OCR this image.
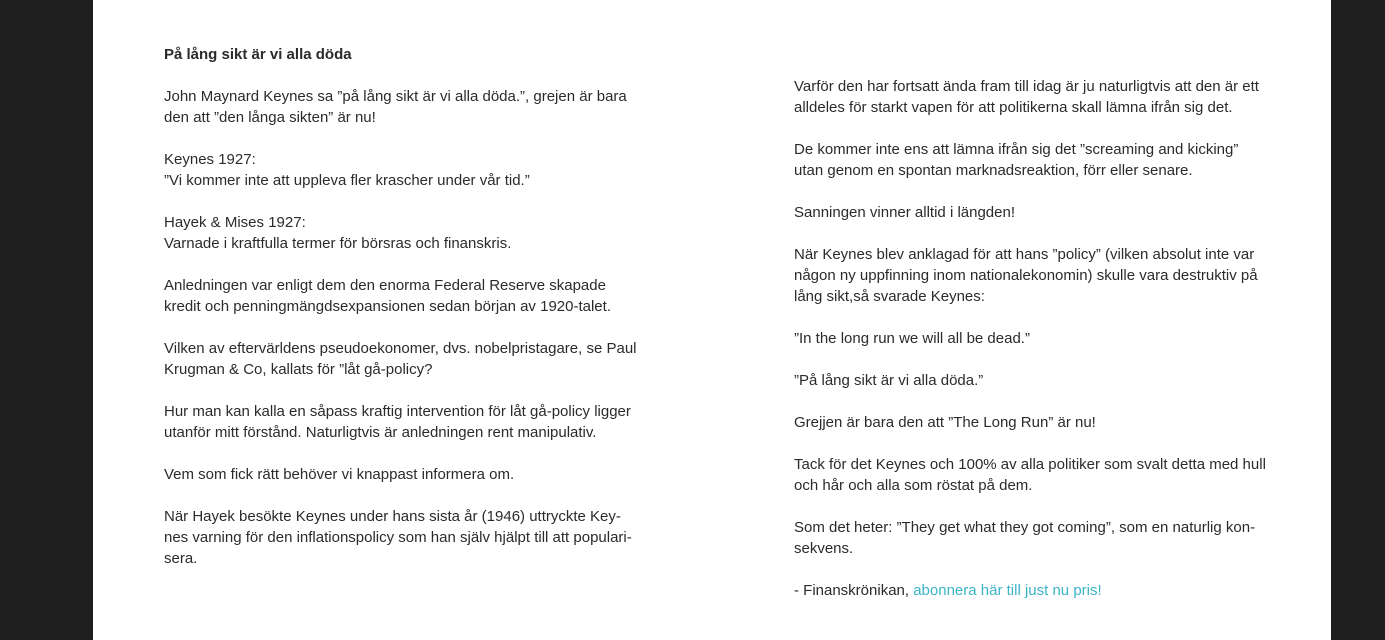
På lång sikt är vi alla döda

John Maynard Keynes sa ”på lång sikt är vi alla döda.”, grejen är bara
den att ”den långa sikten” är nu!

Keynes 1927:
”Vi kommer inte att uppleva fler krascher under vår tid.”

Hayek & Mises 1927:
Varnade i kraftfulla termer för börsras och finanskris.

Anledningen var enligt dem den enorma Federal Reserve skapade
kredit och penningmängdsexpansionen sedan början av 1920-talet.

Vilken av eftervärldens pseudoekonomer, dvs. nobelpristagare, se Paul
Krugman & Co, kallats för ”låt gå-policy?

Hur man kan kalla en såpass kraftig intervention för låt gå-policy ligger
utanför mitt förstånd. Naturligtvis är anledningen rent manipulativ.

Vem som fick rätt behöver vi knappast informera om.

När Hayek besökte Keynes under hans sista år (1946) uttryckte Key-
nes varning för den inflationspolicy som han själv hjälpt till att populari-
sera.

Varför den har fortsatt ända fram till idag är ju naturligtvis att den är ett
alldeles för starkt vapen för att politikerna skall lämna ifrån sig det.

De kommer inte ens att lämna ifrån sig det ”screaming and kicking”
utan genom en spontan marknadsreaktion, förr eller senare.

Sanningen vinner alltid i längden!

När Keynes blev anklagad för att hans ”policy” (vilken absolut inte var
någon ny uppfinning inom nationalekonomin) skulle vara destruktiv på
lång sikt,så svarade Keynes:

”In the long run we will all be dead.”

”På lång sikt är vi alla döda.”

Grejjen är bara den att ”The Long Run” är nu!

Tack för det Keynes och 100% av alla politiker som svalt detta med hull
och hår och alla som röstat på dem.

Som det heter: ”They get what they got coming”, som en naturlig kon-
sekvens.

- Finanskrönikan, abonnera här till just nu pris!
